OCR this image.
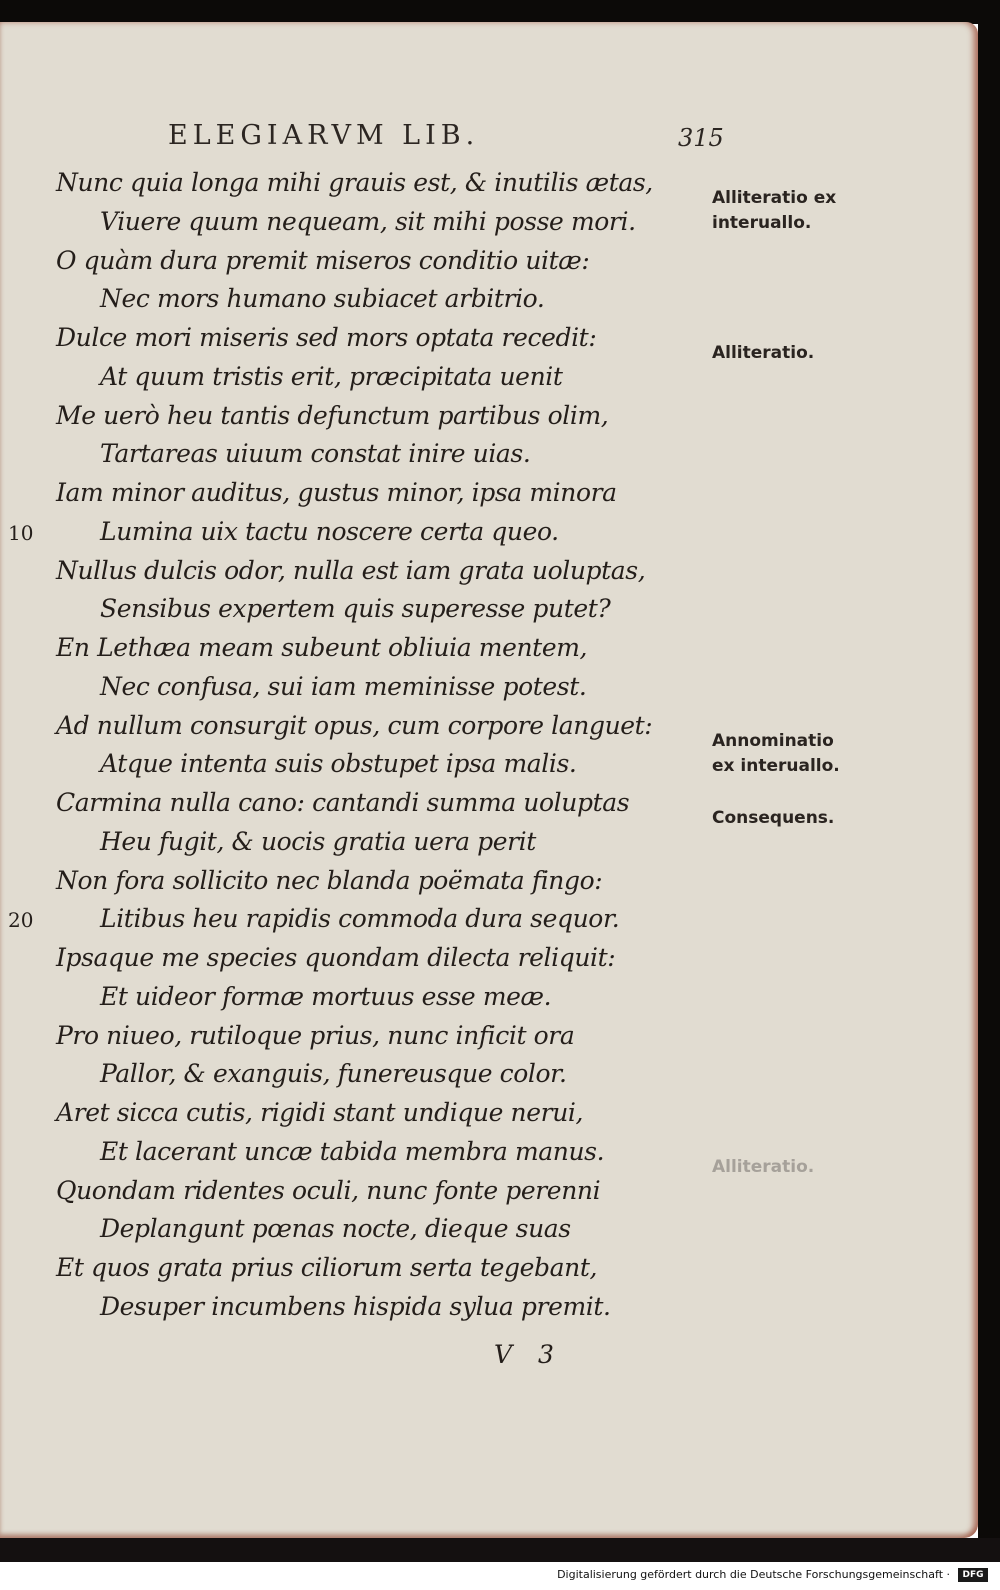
ELEGIARVM LIB.	315
Nunc quia longa mihi grauis est, & inutilis ætas,
Viuere quum nequeam, sit mihi posse mori.
O quàm dura premit miseros conditio uitæ:
Nec mors humano subiacet arbitrio.
Dulce mori miseris sed mors optata recedit:
At quum tristis erit, præcipitata uenit
Me uerò heu tantis defunctum partibus olim,
Tartareas uiuum constat inire uias.
Iam minor auditus, gustus minor, ipsa minora
Lumina uix tactu noscere certa queo.
Nullus dulcis odor, nulla est iam grata uoluptas,
Sensibus expertem quis superesse putet?
En Lethæa meam subeunt obliuia mentem,
Nec confusa, sui iam meminisse potest.
Ad nullum consurgit opus, cum corpore languet:
Atque intenta suis obstupet ipsa malis.
Carmina nulla cano: cantandi summa uoluptas
Heu fugit, & uocis gratia uera perit
Non fora sollicito nec blanda poëmata fingo:
Litibus heu rapidis commoda dura sequor.
Ipsaque me species quondam dilecta reliquit:
Et uideor formæ mortuus esse meæ.
Pro niueo, rutiloque prius, nunc inficit ora
Pallor, & exanguis, funereusque color.
Aret sicca cutis, rigidi stant undique nerui,
Et lacerant uncæ tabida membra manus.
Quondam ridentes oculi, nunc fonte perenni
Deplangunt pœnas nocte, dieque suas
Et quos grata prius ciliorum serta tegebant,
Desuper incumbens hispida sylua premit.
10
20
Alliteratio ex
interuallo.
Alliteratio.
Annominatio
ex interuallo.
Consequens.
Alliteratio.
V 3
Digitalisierung gefördert durch die Deutsche Forschungsgemeinschaft ·	DFG
